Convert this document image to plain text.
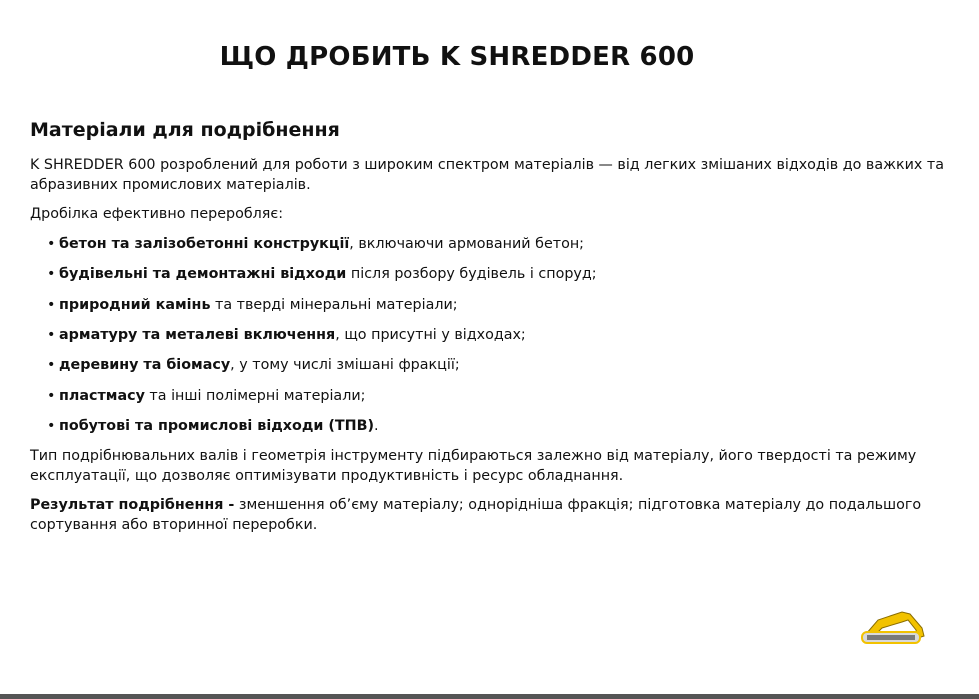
ЩО ДРОБИТЬ K SHREDDER 600
Матеріали для подрібнення
K SHREDDER 600 розроблений для роботи з широким спектром матеріалів — від легких змішаних відходів до важких та абразивних промислових матеріалів.
Дробілка ефективно переробляє:
• бетон та залізобетонні конструкції, включаючи армований бетон;
• будівельні та демонтажні відходи після розбору будівель і споруд;
• природний камінь та тверді мінеральні матеріали;
• арматуру та металеві включення, що присутні у відходах;
• деревину та біомасу, у тому числі змішані фракції;
• пластмасу та інші полімерні матеріали;
• побутові та промислові відходи (ТПВ).
Тип подрібнювальних валів і геометрія інструменту підбираються залежно від матеріалу, його твердості та режиму експлуатації, що дозволяє оптимізувати продуктивність і ресурс обладнання.
Результат подрібнення - зменшення об’єму матеріалу; однорідніша фракція; підготовка матеріалу до подальшого сортування або вторинної переробки.
